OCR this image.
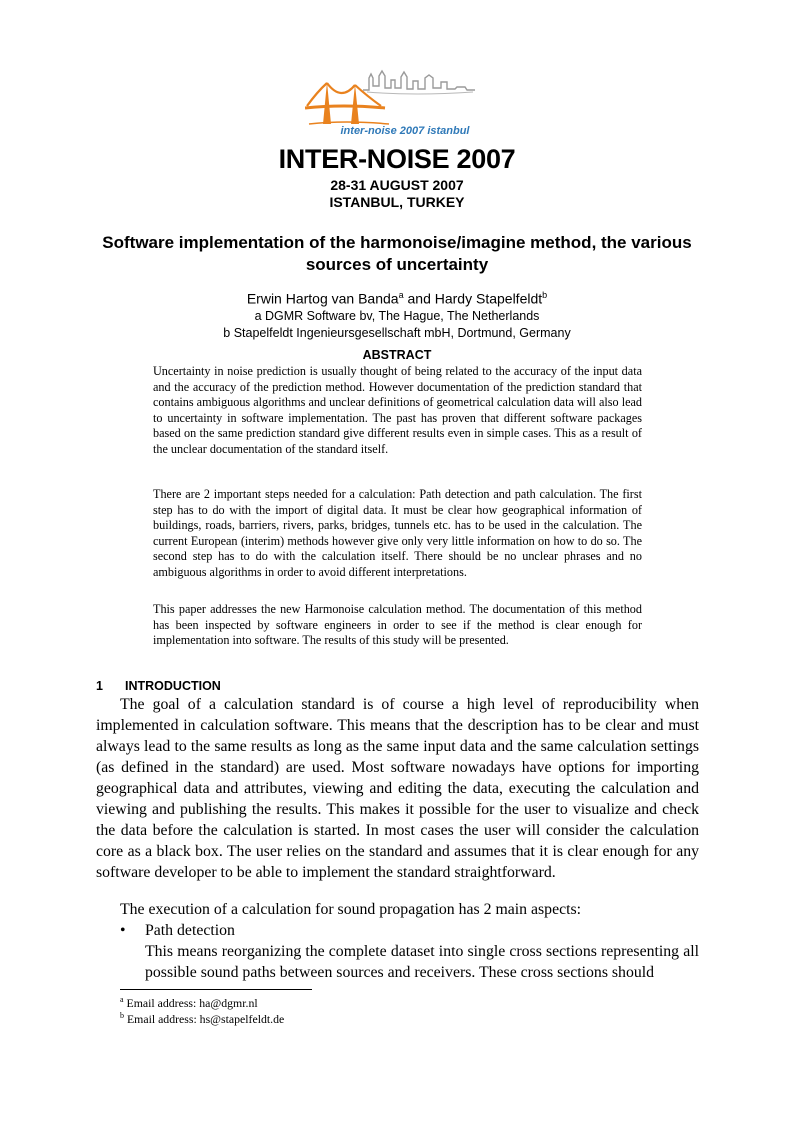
inter-noise 2007 istanbul
INTER-NOISE 2007
28-31 AUGUST 2007
ISTANBUL, TURKEY
Software implementation of the harmonoise/imagine method, the various sources of uncertainty
Erwin Hartog van Banda$^a$ and Hardy Stapelfeldt$^b$
a DGMR Software bv, The Hague, The Netherlands
b Stapelfeldt Ingenieursgesellschaft mbH, Dortmund, Germany
ABSTRACT
Uncertainty in noise prediction is usually thought of being related to the accuracy of the input data and the accuracy of the prediction method. However documentation of the prediction standard that contains ambiguous algorithms and unclear definitions of geometrical calculation data will also lead to uncertainty in software implementation. The past has proven that different software packages based on the same prediction standard give different results even in simple cases. This as a result of the unclear documentation of the standard itself.
There are 2 important steps needed for a calculation: Path detection and path calculation. The first step has to do with the import of digital data. It must be clear how geographical information of buildings, roads, barriers, rivers, parks, bridges, tunnels etc. has to be used in the calculation. The current European (interim) methods however give only very little information on how to do so. The second step has to do with the calculation itself. There should be no unclear phrases and no ambiguous algorithms in order to avoid different interpretations.
This paper addresses the new Harmonoise calculation method. The documentation of this method has been inspected by software engineers in order to see if the method is clear enough for implementation into software. The results of this study will be presented.
1 INTRODUCTION

The goal of a calculation standard is of course a high level of reproducibility when implemented in calculation software. This means that the description has to be clear and must always lead to the same results as long as the same input data and the same calculation settings (as defined in the standard) are used. Most software nowadays have options for importing geographical data and attributes, viewing and editing the data, executing the calculation and viewing and publishing the results. This makes it possible for the user to visualize and check the data before the calculation is started. In most cases the user will consider the calculation core as a black box. The user relies on the standard and assumes that it is clear enough for any software developer to be able to implement the standard straightforward.

The execution of a calculation for sound propagation has 2 main aspects:

• Path detection
This means reorganizing the complete dataset into single cross sections representing all possible sound paths between sources and receivers. These cross sections should
$^a$ Email address: ha@dgmr.nl
$^b$ Email address: hs@stapelfeldt.de
